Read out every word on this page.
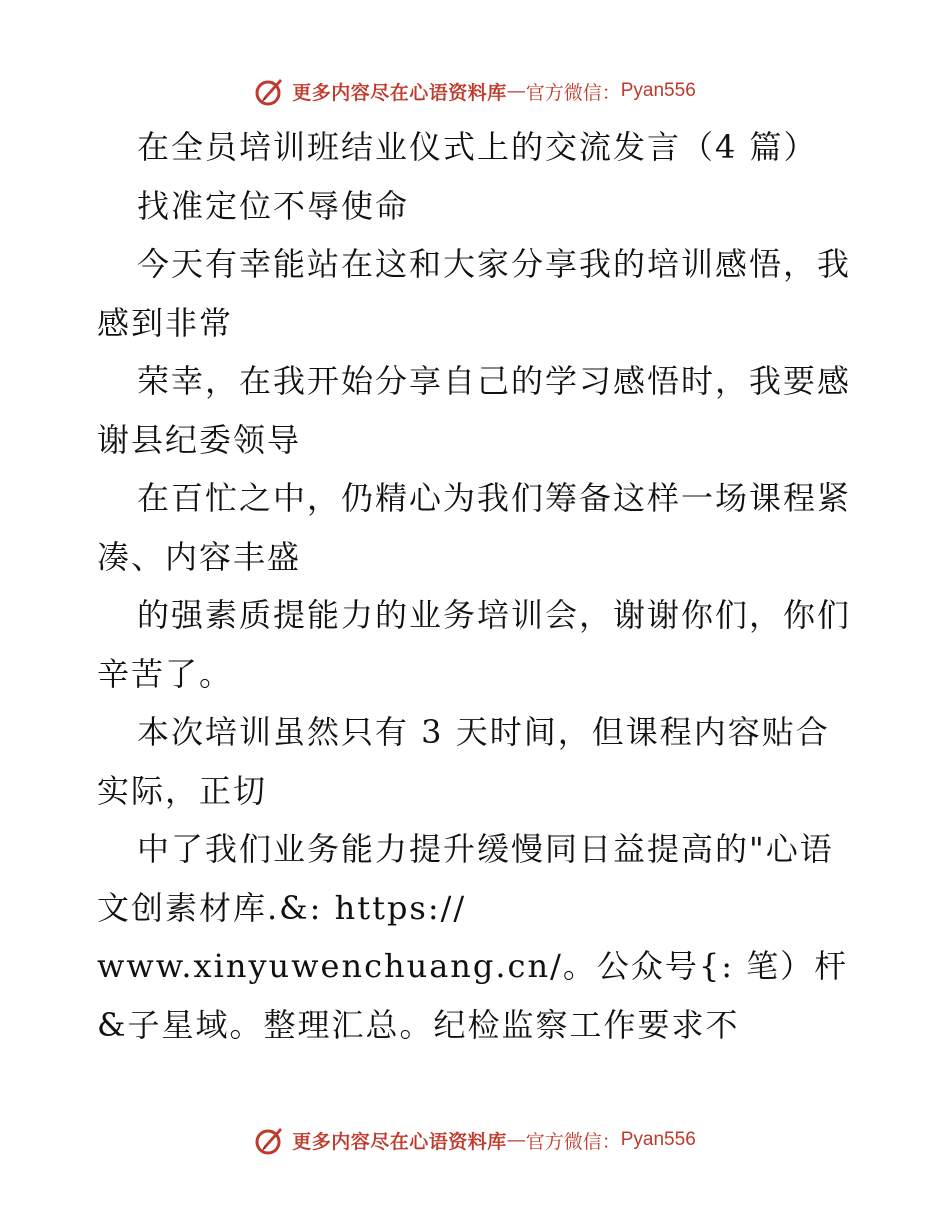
更多内容尽在心语资料库 — 官方微信： Pyan556

在全员培训班结业仪式上的交流发言（4 篇）

找准定位不辱使命

今天有幸能站在这和大家分享我的培训感悟，我感到非常

荣幸，在我开始分享自己的学习感悟时，我要感谢县纪委领导

在百忙之中，仍精心为我们筹备这样一场课程紧凑、内容丰盛

的强素质提能力的业务培训会，谢谢你们，你们辛苦了。

本次培训虽然只有 3 天时间，但课程内容贴合实际，正切

中了我们业务能力提升缓慢同日益提高的"心语文创素材库.&: https://

www.xinyuwenchuang.cn/。公众号{: 笔）杆&子星域。整理汇总。纪检监察工作要求不

更多内容尽在心语资料库 — 官方微信： Pyan556
